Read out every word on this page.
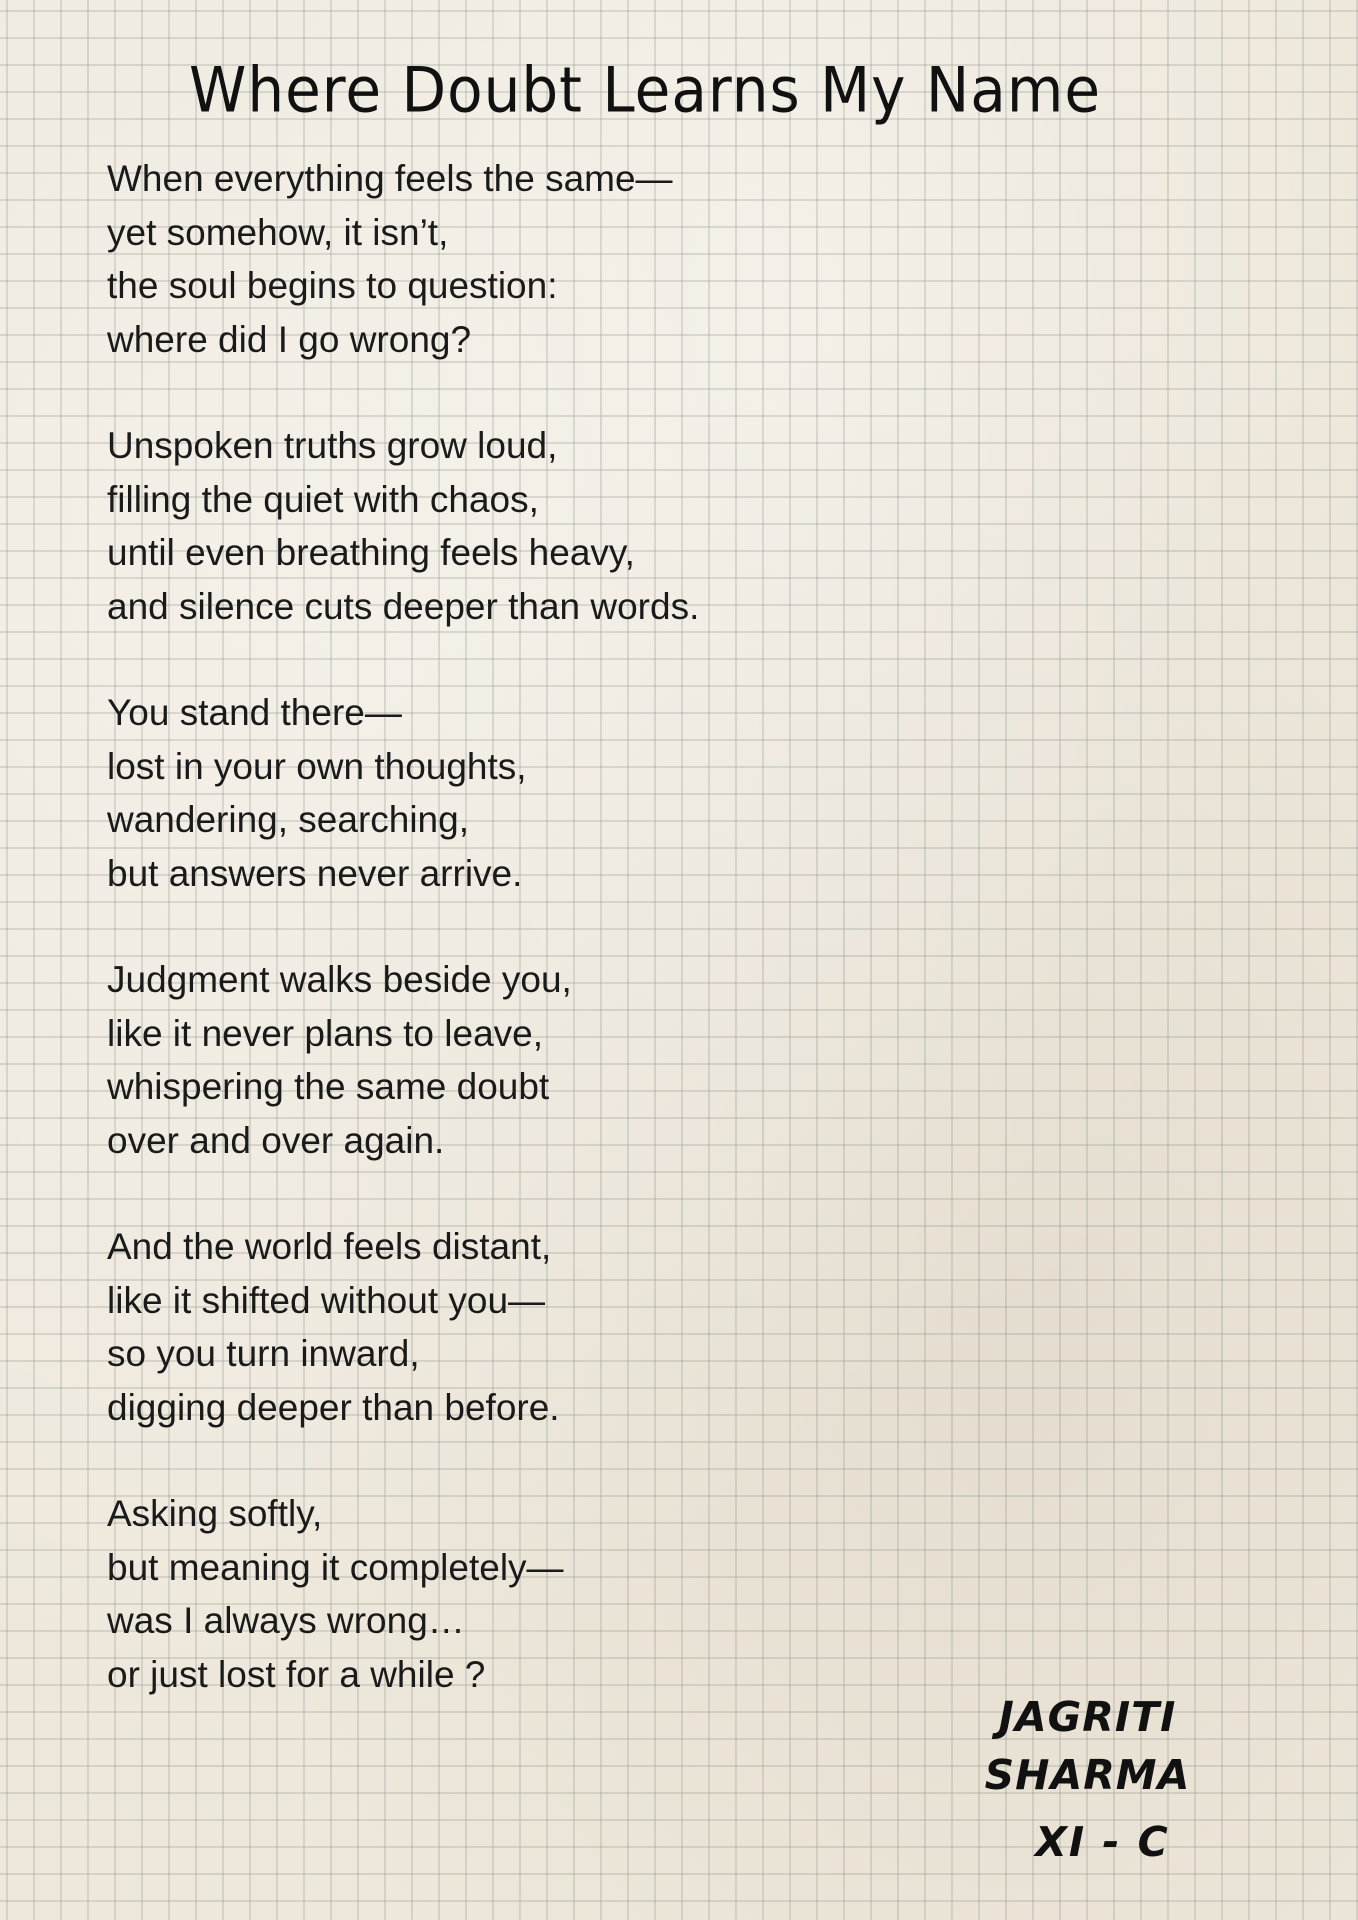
Where Doubt Learns My Name
When everything feels the same—
yet somehow, it isn’t,
the soul begins to question:
where did I go wrong?
Unspoken truths grow loud,
filling the quiet with chaos,
until even breathing feels heavy,
and silence cuts deeper than words.
You stand there—
lost in your own thoughts,
wandering, searching,
but answers never arrive.
Judgment walks beside you,
like it never plans to leave,
whispering the same doubt
over and over again.
And the world feels distant,
like it shifted without you—
so you turn inward,
digging deeper than before.
Asking softly,
but meaning it completely—
was I always wrong…
or just lost for a while ?
JAGRITI SHARMA
XI - C
